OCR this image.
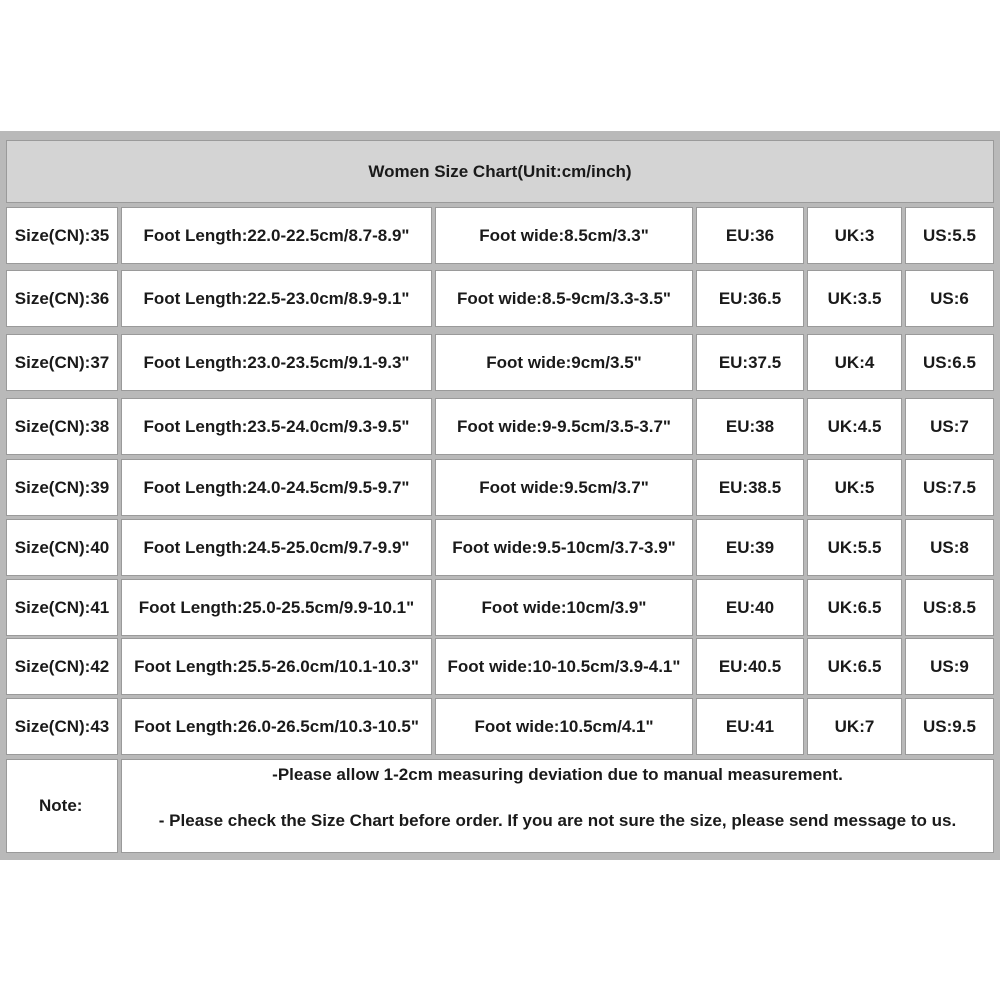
Women Size Chart(Unit:cm/inch)
Size(CN):35	Foot Length:22.0-22.5cm/8.7-8.9"	Foot wide:8.5cm/3.3"	EU:36	UK:3	US:5.5
Size(CN):36	Foot Length:22.5-23.0cm/8.9-9.1"	Foot wide:8.5-9cm/3.3-3.5"	EU:36.5	UK:3.5	US:6
Size(CN):37	Foot Length:23.0-23.5cm/9.1-9.3"	Foot wide:9cm/3.5"	EU:37.5	UK:4	US:6.5
Size(CN):38	Foot Length:23.5-24.0cm/9.3-9.5"	Foot wide:9-9.5cm/3.5-3.7"	EU:38	UK:4.5	US:7
Size(CN):39	Foot Length:24.0-24.5cm/9.5-9.7"	Foot wide:9.5cm/3.7"	EU:38.5	UK:5	US:7.5
Size(CN):40	Foot Length:24.5-25.0cm/9.7-9.9"	Foot wide:9.5-10cm/3.7-3.9"	EU:39	UK:5.5	US:8
Size(CN):41	Foot Length:25.0-25.5cm/9.9-10.1"	Foot wide:10cm/3.9"	EU:40	UK:6.5	US:8.5
Size(CN):42	Foot Length:25.5-26.0cm/10.1-10.3"	Foot wide:10-10.5cm/3.9-4.1"	EU:40.5	UK:6.5	US:9
Size(CN):43	Foot Length:26.0-26.5cm/10.3-10.5"	Foot wide:10.5cm/4.1"	EU:41	UK:7	US:9.5
Note:
-Please allow 1-2cm measuring deviation due to manual measurement.
- Please check the Size Chart before order. If you are not sure the size, please send message to us.
